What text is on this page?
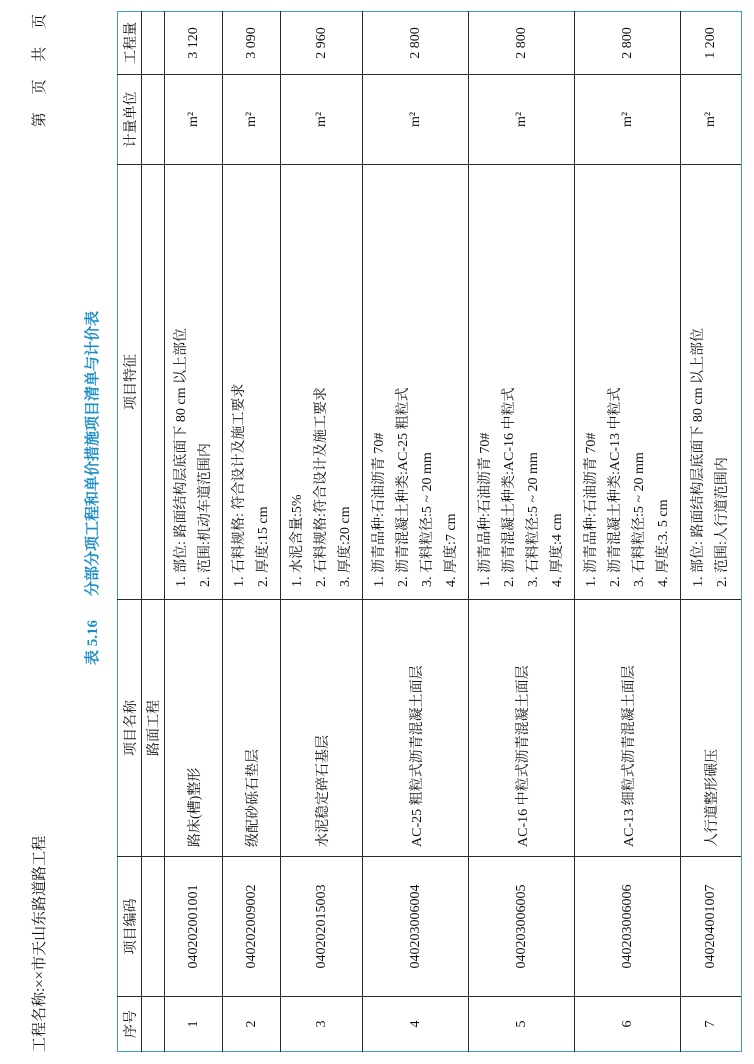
工程名称:××市天山东路道路工程
第 页 共 页
表 5.16分部分项工程和单价措施项目清单与计价表
序号	项目编码	项目名称	项目特征	计量单位	工程量
		路面工程			
1	040202001001	路床(槽)整形	1. 部位: 路面结构层底面下 80 cm 以上部位 2. 范围:机动车道范围内	m²	3 120
2	040202009002	级配砂砾石垫层	1. 石料规格: 符合设计及施工要求 2. 厚度:15 cm	m²	3 090
3	040202015003	水泥稳定碎石基层	1. 水泥含量:5% 2. 石料规格:符合设计及施工要求 3. 厚度:20 cm	m²	2 960
4	040203006004	AC-25 粗粒式沥青混凝土面层	1. 沥青品种:石油沥青 70# 2. 沥青混凝土种类:AC-25 粗粒式 3. 石料粒径:5 ~ 20 mm 4. 厚度:7 cm	m²	2 800
5	040203006005	AC-16 中粒式沥青混凝土面层	1. 沥青品种:石油沥青 70# 2. 沥青混凝土种类:AC-16 中粒式 3. 石料粒径:5 ~ 20 mm 4. 厚度:4 cm	m²	2 800
6	040203006006	AC-13 细粒式沥青混凝土面层	1. 沥青品种:石油沥青 70# 2. 沥青混凝土种类:AC-13 中粒式 3. 石料粒径:5 ~ 20 mm 4. 厚度:3. 5 cm	m²	2 800
7	040204001007	人行道整形碾压	1. 部位: 路面结构层底面下 80 cm 以上部位 2. 范围:人行道范围内	m²	1 200
